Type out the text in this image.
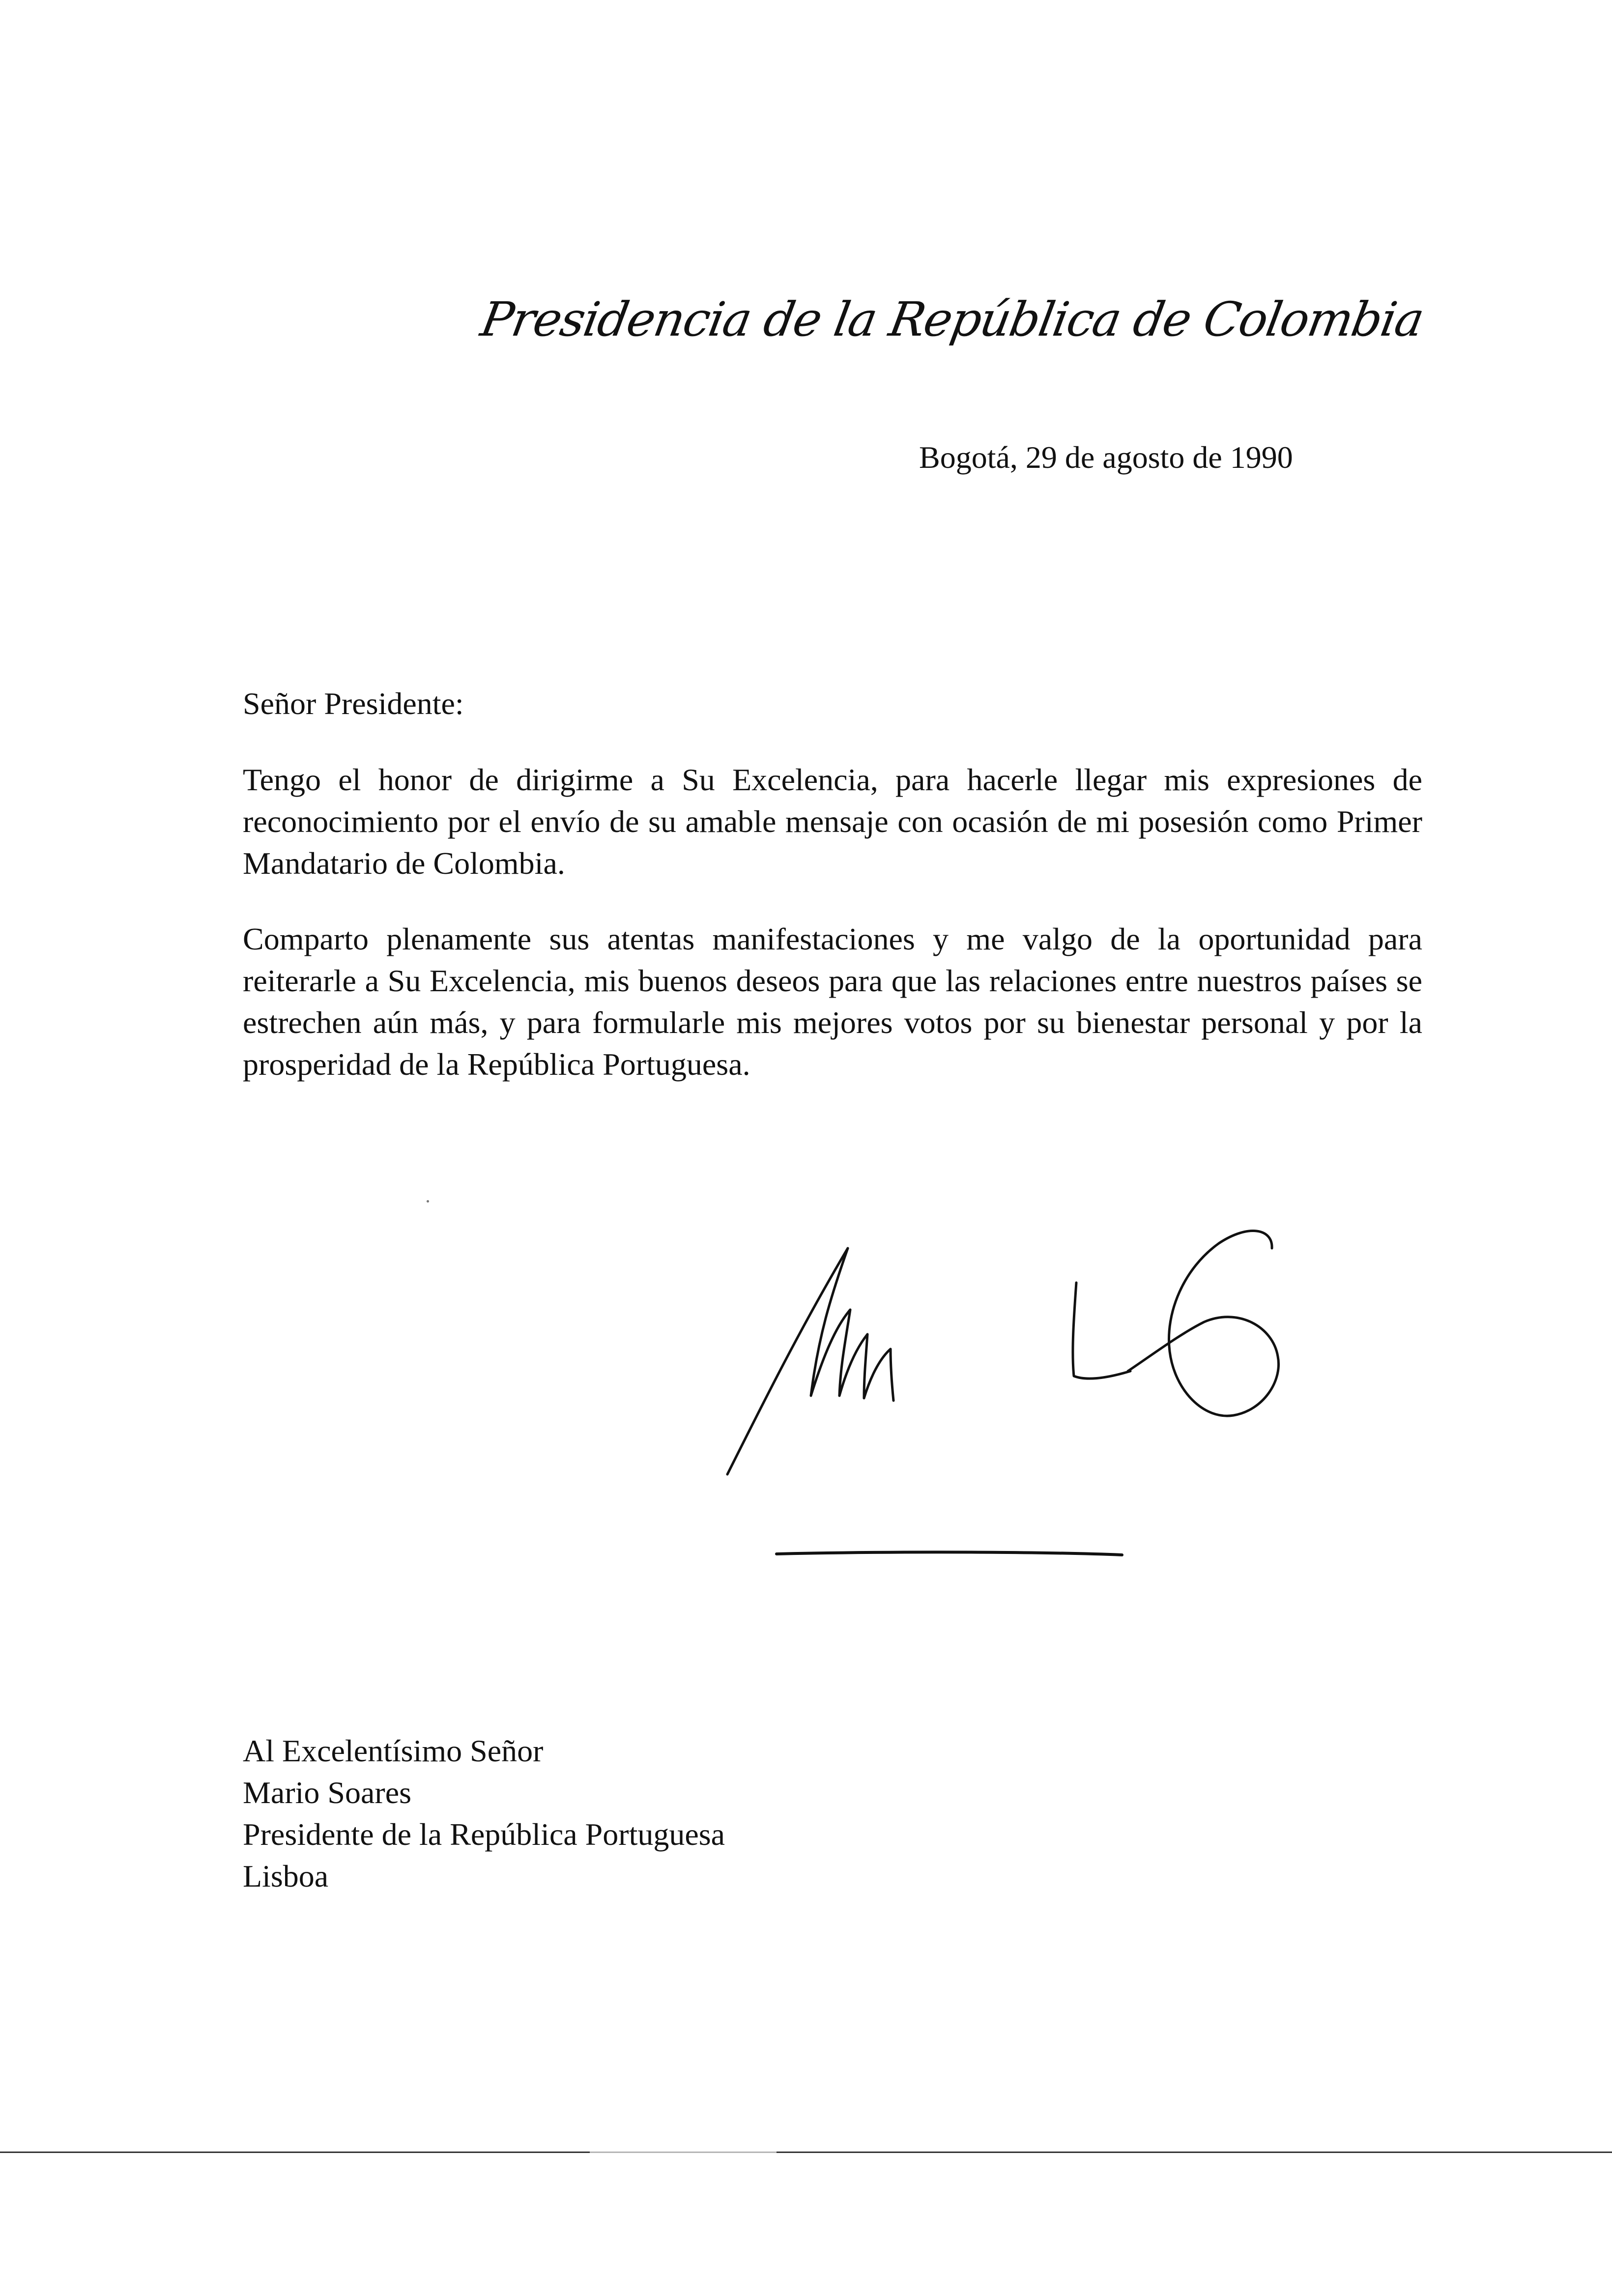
Presidencia de la República de Colombia
Bogotá, 29 de agosto de 1990
Señor Presidente:

Tengo el honor de dirigirme a Su Excelencia, para hacerle llegar mis expresiones de reconocimiento por el envío de su amable mensaje con ocasión de mi posesión como Primer Mandatario de Colombia.

Comparto plenamente sus atentas manifestaciones y me valgo de la oportunidad para reiterarle a Su Excelencia, mis buenos deseos para que las relaciones entre nuestros países se estrechen aún más, y para formularle mis mejores votos por su bienestar personal y por la prosperidad de la República Portuguesa.

Al Excelentísimo Señor
Mario Soares
Presidente de la República Portuguesa
Lisboa
